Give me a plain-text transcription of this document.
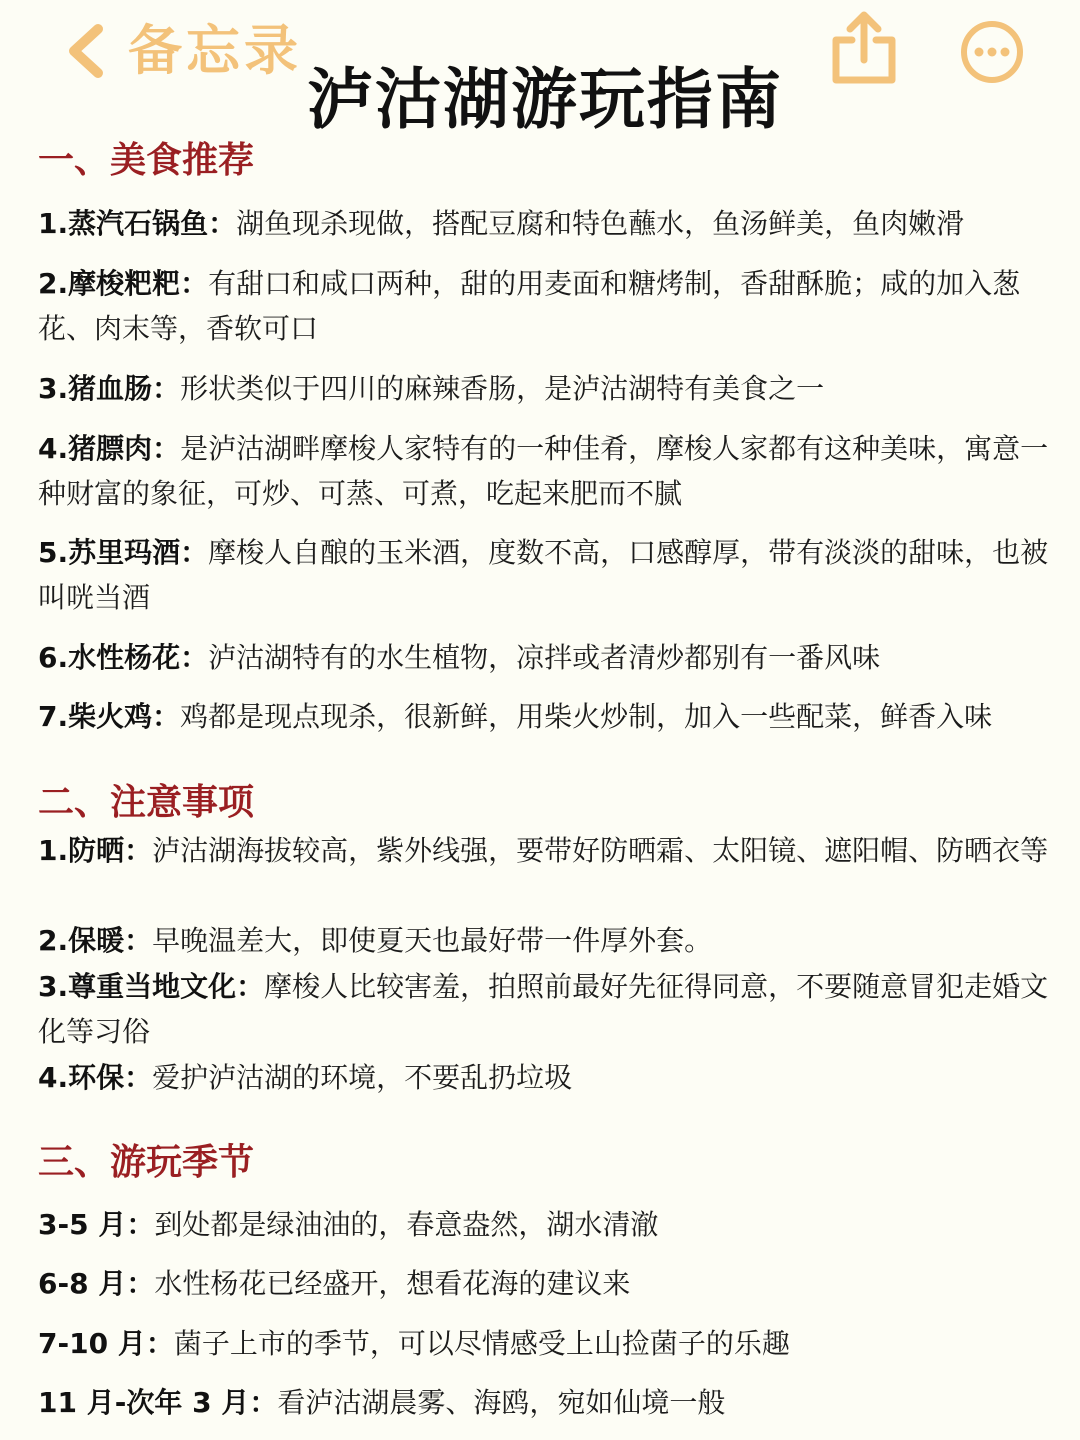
备忘录
泸沽湖游玩指南
一、美食推荐

1.蒸汽石锅鱼：湖鱼现杀现做，搭配豆腐和特色蘸水，鱼汤鲜美，鱼肉嫩滑

2.摩梭粑粑：有甜口和咸口两种，甜的用麦面和糖烤制，香甜酥脆；咸的加入葱花、肉末等，香软可口

3.猪血肠：形状类似于四川的麻辣香肠，是泸沽湖特有美食之一

4.猪膘肉：是泸沽湖畔摩梭人家特有的一种佳肴，摩梭人家都有这种美味，寓意一种财富的象征，可炒、可蒸、可煮，吃起来肥而不腻

5.苏里玛酒：摩梭人自酿的玉米酒，度数不高，口感醇厚，带有淡淡的甜味，也被叫咣当酒

6.水性杨花：泸沽湖特有的水生植物，凉拌或者清炒都别有一番风味

7.柴火鸡：鸡都是现点现杀，很新鲜，用柴火炒制，加入一些配菜，鲜香入味

二、注意事项

1.防晒：泸沽湖海拔较高，紫外线强，要带好防晒霜、太阳镜、遮阳帽、防晒衣等

2.保暖：早晚温差大，即使夏天也最好带一件厚外套。

3.尊重当地文化：摩梭人比较害羞，拍照前最好先征得同意，不要随意冒犯走婚文化等习俗

4.环保：爱护泸沽湖的环境，不要乱扔垃圾

三、游玩季节

3-5 月：到处都是绿油油的，春意盎然，湖水清澈

6-8 月：水性杨花已经盛开，想看花海的建议来

7-10 月：菌子上市的季节，可以尽情感受上山捡菌子的乐趣

11 月-次年 3 月：看泸沽湖晨雾、海鸥，宛如仙境一般
